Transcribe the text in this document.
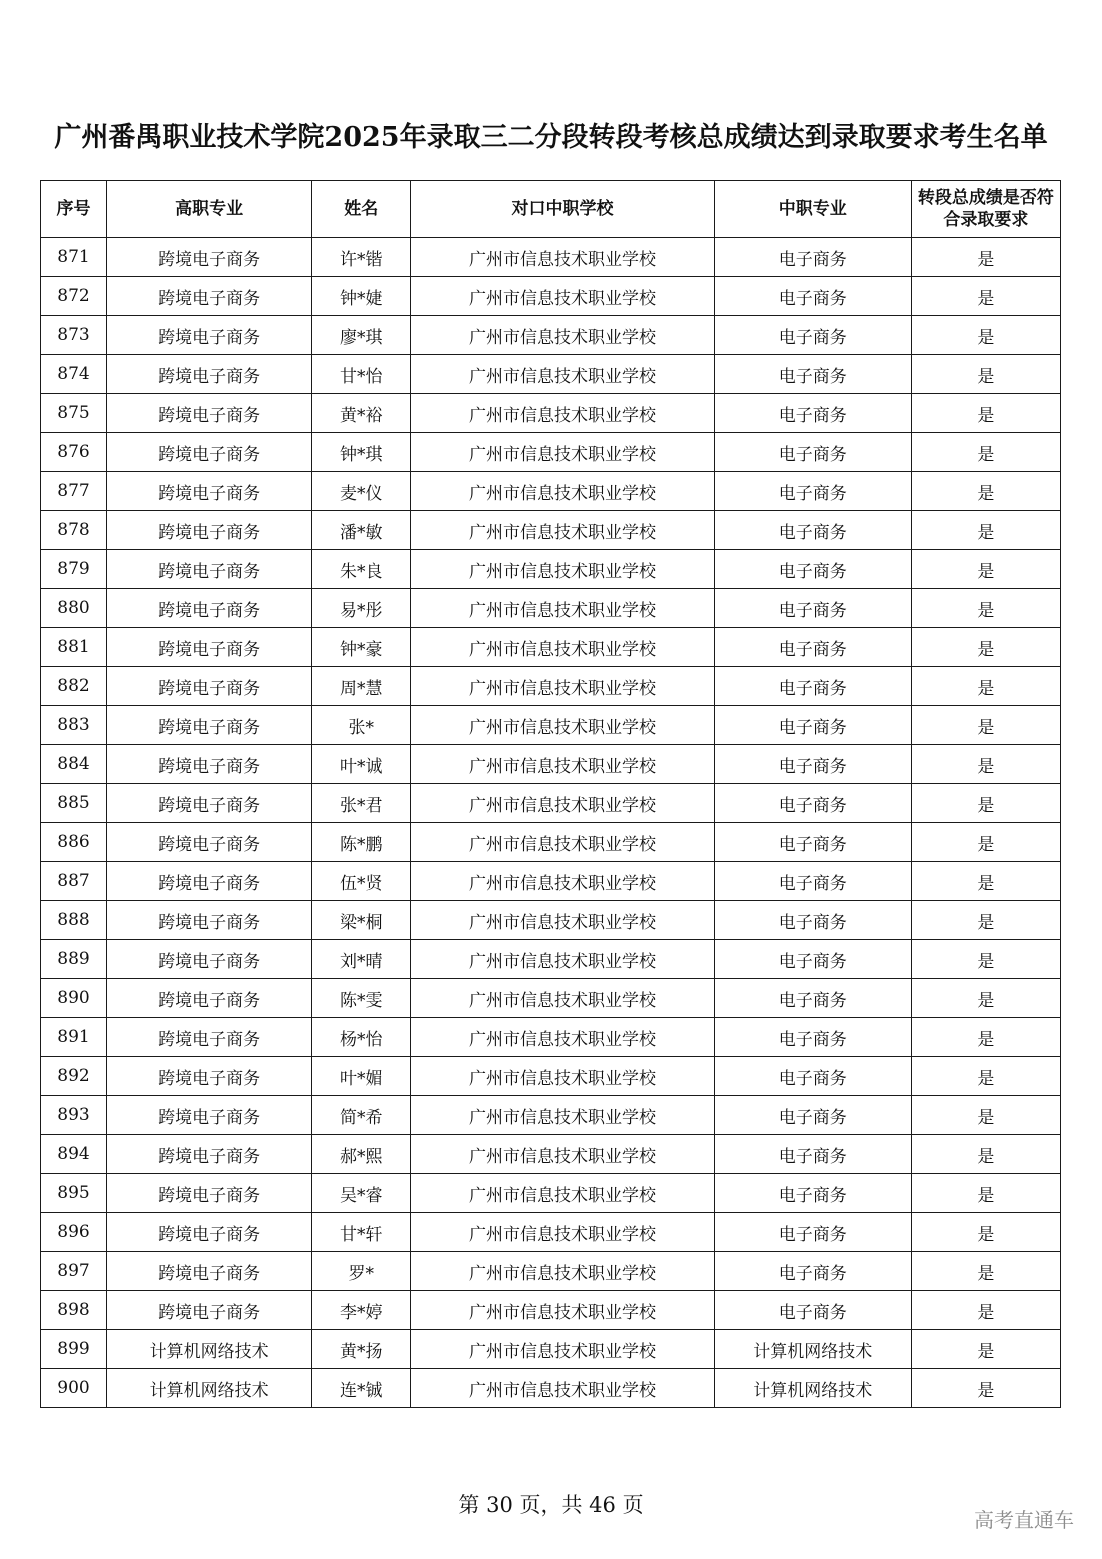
广州番禺职业技术学院2025年录取三二分段转段考核总成绩达到录取要求考生名单
序号	高职专业	姓名	对口中职学校	中职专业	转段总成绩是否符合录取要求
871	跨境电子商务	许*锴	广州市信息技术职业学校	电子商务	是
872	跨境电子商务	钟*婕	广州市信息技术职业学校	电子商务	是
873	跨境电子商务	廖*琪	广州市信息技术职业学校	电子商务	是
874	跨境电子商务	甘*怡	广州市信息技术职业学校	电子商务	是
875	跨境电子商务	黄*裕	广州市信息技术职业学校	电子商务	是
876	跨境电子商务	钟*琪	广州市信息技术职业学校	电子商务	是
877	跨境电子商务	麦*仪	广州市信息技术职业学校	电子商务	是
878	跨境电子商务	潘*敏	广州市信息技术职业学校	电子商务	是
879	跨境电子商务	朱*良	广州市信息技术职业学校	电子商务	是
880	跨境电子商务	易*彤	广州市信息技术职业学校	电子商务	是
881	跨境电子商务	钟*豪	广州市信息技术职业学校	电子商务	是
882	跨境电子商务	周*慧	广州市信息技术职业学校	电子商务	是
883	跨境电子商务	张*	广州市信息技术职业学校	电子商务	是
884	跨境电子商务	叶*诚	广州市信息技术职业学校	电子商务	是
885	跨境电子商务	张*君	广州市信息技术职业学校	电子商务	是
886	跨境电子商务	陈*鹏	广州市信息技术职业学校	电子商务	是
887	跨境电子商务	伍*贤	广州市信息技术职业学校	电子商务	是
888	跨境电子商务	梁*桐	广州市信息技术职业学校	电子商务	是
889	跨境电子商务	刘*晴	广州市信息技术职业学校	电子商务	是
890	跨境电子商务	陈*雯	广州市信息技术职业学校	电子商务	是
891	跨境电子商务	杨*怡	广州市信息技术职业学校	电子商务	是
892	跨境电子商务	叶*媚	广州市信息技术职业学校	电子商务	是
893	跨境电子商务	简*希	广州市信息技术职业学校	电子商务	是
894	跨境电子商务	郝*熙	广州市信息技术职业学校	电子商务	是
895	跨境电子商务	吴*睿	广州市信息技术职业学校	电子商务	是
896	跨境电子商务	甘*轩	广州市信息技术职业学校	电子商务	是
897	跨境电子商务	罗*	广州市信息技术职业学校	电子商务	是
898	跨境电子商务	李*婷	广州市信息技术职业学校	电子商务	是
899	计算机网络技术	黄*扬	广州市信息技术职业学校	计算机网络技术	是
900	计算机网络技术	连*铖	广州市信息技术职业学校	计算机网络技术	是
第 30 页，共 46 页
高考直通车
